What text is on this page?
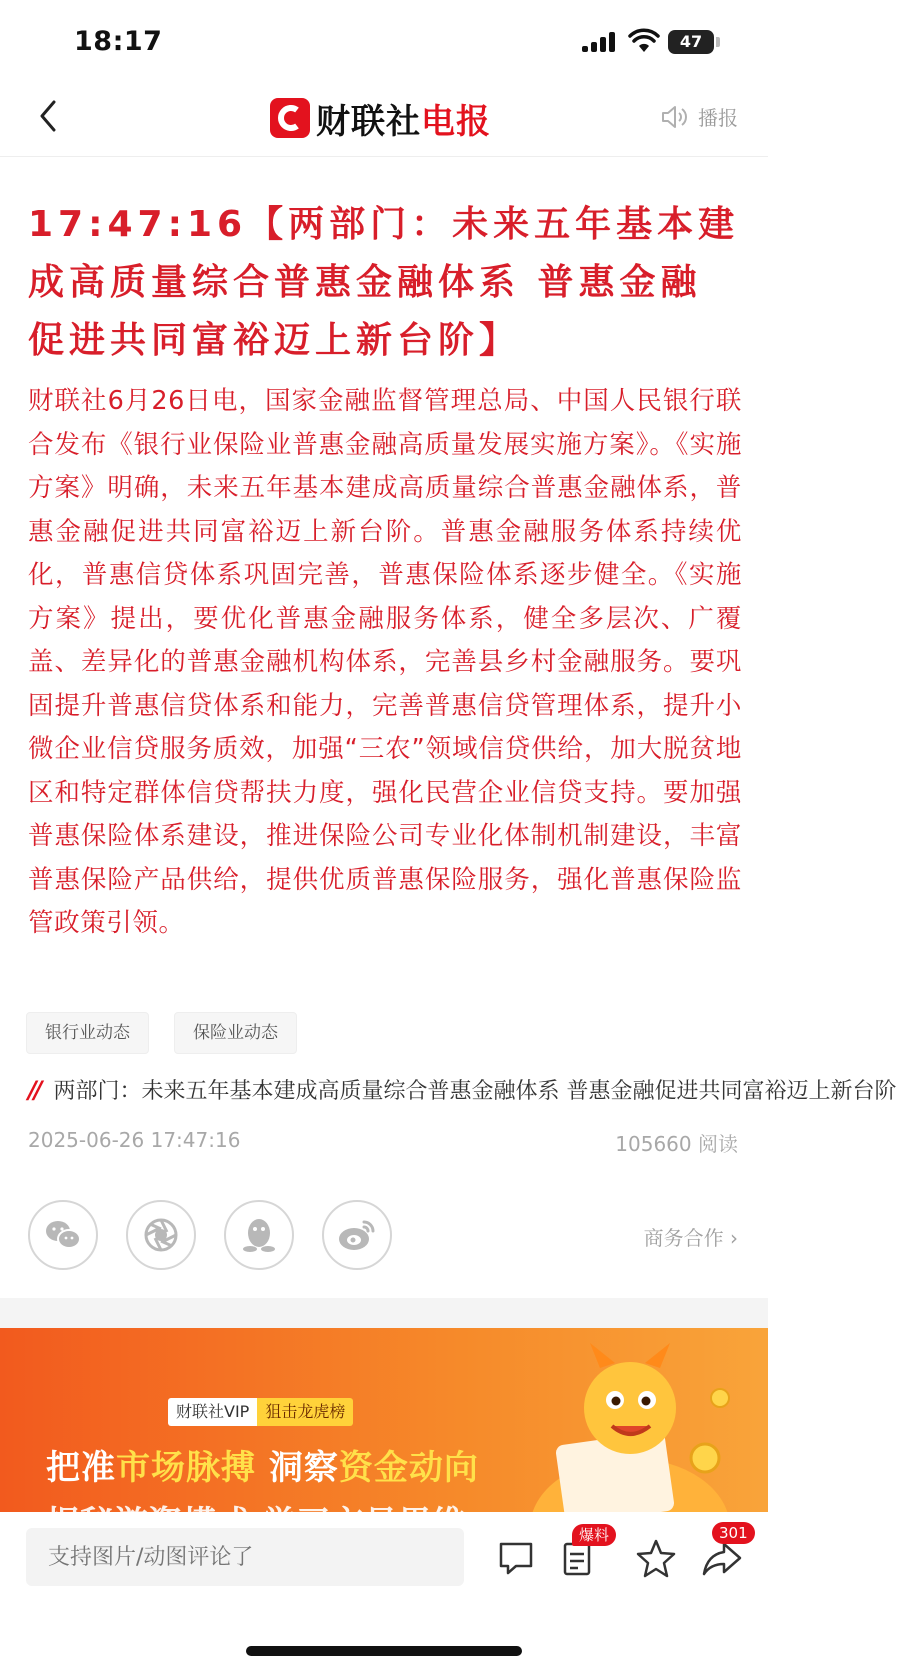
18:17	47
财联社电报	播报
17:47:16【两部门：未来五年基本建成高质量综合普惠金融体系 普惠金融促进共同富裕迈上新台阶】
财联社6月26日电，国家金融监督管理总局、中国人民银行联合发布《银行业保险业普惠金融高质量发展实施方案》。《实施方案》明确，未来五年基本建成高质量综合普惠金融体系，普惠金融促进共同富裕迈上新台阶。普惠金融服务体系持续优化，普惠信贷体系巩固完善，普惠保险体系逐步健全。《实施方案》提出，要优化普惠金融服务体系，健全多层次、广覆盖、差异化的普惠金融机构体系，完善县乡村金融服务。要巩固提升普惠信贷体系和能力，完善普惠信贷管理体系，提升小微企业信贷服务质效，加强“三农”领域信贷供给，加大脱贫地区和特定群体信贷帮扶力度，强化民营企业信贷支持。要加强普惠保险体系建设，推进保险公司专业化体制机制建设，丰富普惠保险产品供给，提供优质普惠保险服务，强化普惠保险监管政策引领。
银行业动态	保险业动态
// 两部门：未来五年基本建成高质量综合普惠金融体系 普惠金融促进共同富裕迈上新台阶
2025-06-26 17:47:16	105660 阅读
商务合作 ›
财联社VIP	狙击龙虎榜
把准市场脉搏 洞察资金动向
支持图片/动图评论了
爆料	301
